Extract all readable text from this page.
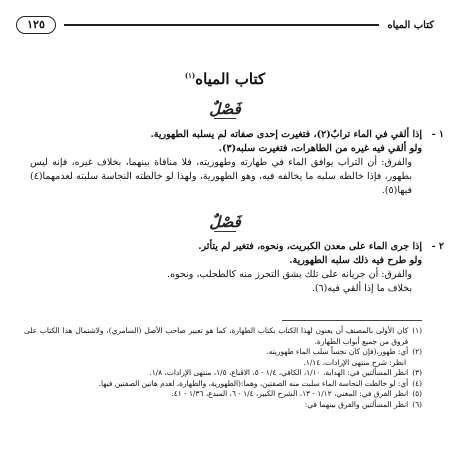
كتاب المياه
١٢٥
كتاب المياه$^{(١)}$
فَصْلٌ
١ -

إذا ألقي في الماء ترابٌ(٢)، فتغيرت إحدى صفاته لم يسلبه الطهورية.

ولو ألقي فيه غيره من الطاهرات، فتغيرت سلبه(٣).

والفرق: أن التراب يوافق الماء في طهارته وطهوريته، فلا منافاة بينهما، بخلاف غيره، فإنه ليس بطهور، فإذا خالطه سلبه ما يخالفه فيه، وهو الطهورية، ولهذا لو خالطته النجاسة سلبته لعدمهما(٤) فيها(٥).

فَصْلٌ
٢ -

إذا جرى الماء على معدن الكبريت، ونحوه، فتغير لم يتأثر.

ولو طرح فيه ذلك سلبه الطهورية.

والفرق: أن جريانه على تلك يشق التحرز منه كالطحلب، ونحوه.

بخلاف ما إذا ألقي فيه(٦).

(١)
كان الأولى بالمصنف أن يعنون لهذا الكتاب بكتاب الطهارة، كما هو تعبير صاحب الأصل (السامري)، ولاشتمال هذا الكتاب على فروق من جميع أبواب الطهارة.
(٢)
أي: طهور،(فإن كان نجساً سلب الماء طهوريته.

انظر: شرح منتهى الإرادات، ١/١٤.

(٣)
انظر المسألتين في: الهداية، ١/١٠، الكافي، ١/٤ - ٥، الاقناع، ١/٥، منتهى الإرادات، ١/٨.
(٤)
أي: لو خالطت النجاسة الماء سلبت منه الصفتين، وهما:(الطهورية، والطهارة، لعدم هاتين الصفتين فيها.
(٥)
انظر الفرق في: المغني، ١/١٢ - ١٣، الشرح الكبير، ١/٤ - ٦، المبدع، ١/٣٦ - ٤١.
(٦)
انظر المسألتين والفرق بينهما في:
